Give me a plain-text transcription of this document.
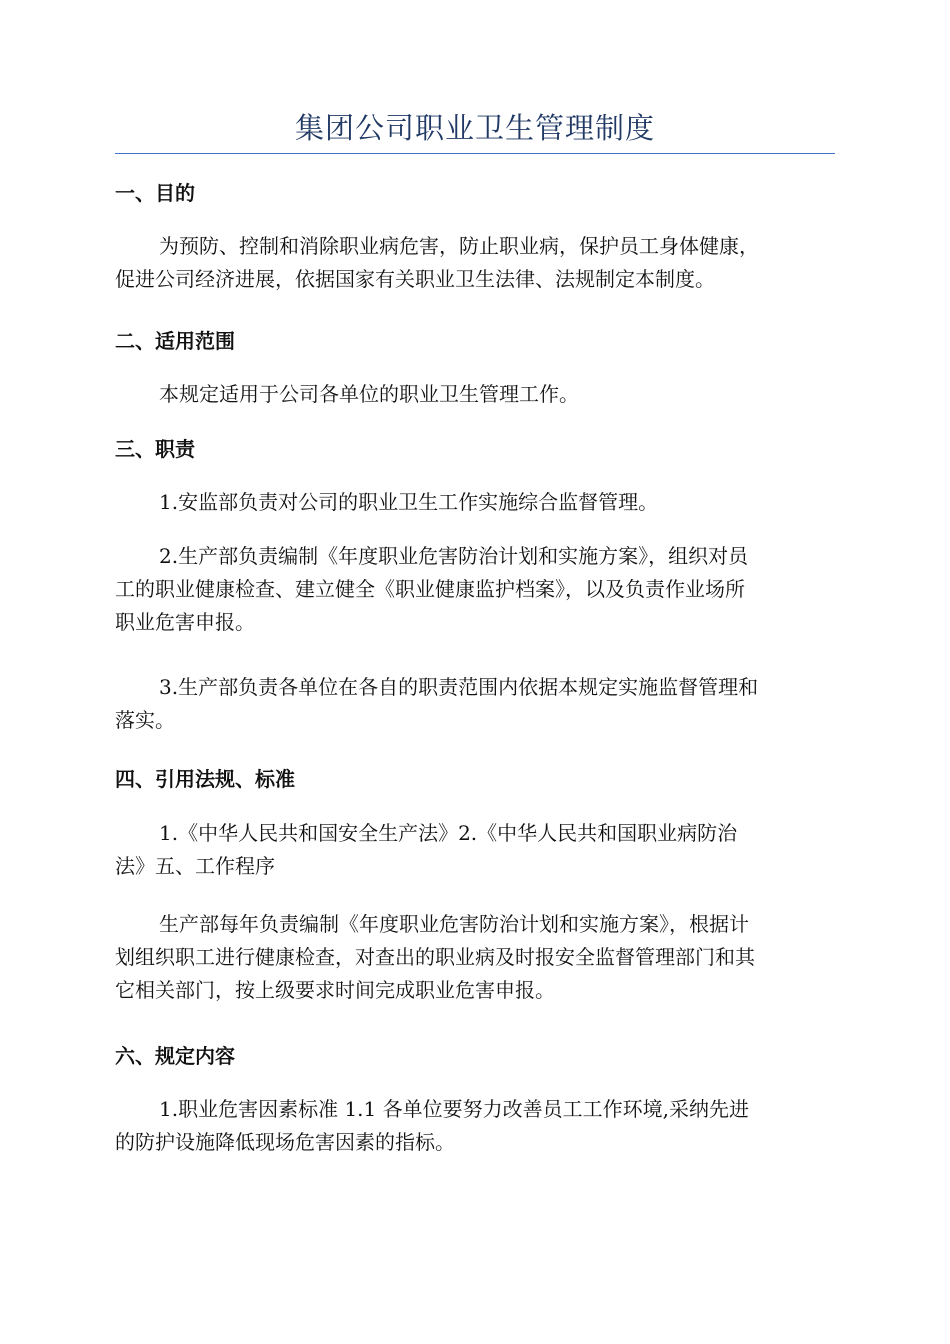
集团公司职业卫生管理制度
一、目的
为预防、控制和消除职业病危害，防止职业病，保护员工身体健康，
促进公司经济进展，依据国家有关职业卫生法律、法规制定本制度。
二、适用范围
本规定适用于公司各单位的职业卫生管理工作。
三、职责
1.安监部负责对公司的职业卫生工作实施综合监督管理。
2.生产部负责编制《年度职业危害防治计划和实施方案》，组织对员
工的职业健康检查、建立健全《职业健康监护档案》，以及负责作业场所
职业危害申报。
3.生产部负责各单位在各自的职责范围内依据本规定实施监督管理和
落实。
四、引用法规、标准
1.《中华人民共和国安全生产法》2.《中华人民共和国职业病防治
法》五、工作程序
生产部每年负责编制《年度职业危害防治计划和实施方案》，根据计
划组织职工进行健康检查，对查出的职业病及时报安全监督管理部门和其
它相关部门，按上级要求时间完成职业危害申报。
六、规定内容
1.职业危害因素标准 1.1 各单位要努力改善员工工作环境,采纳先进
的防护设施降低现场危害因素的指标。
